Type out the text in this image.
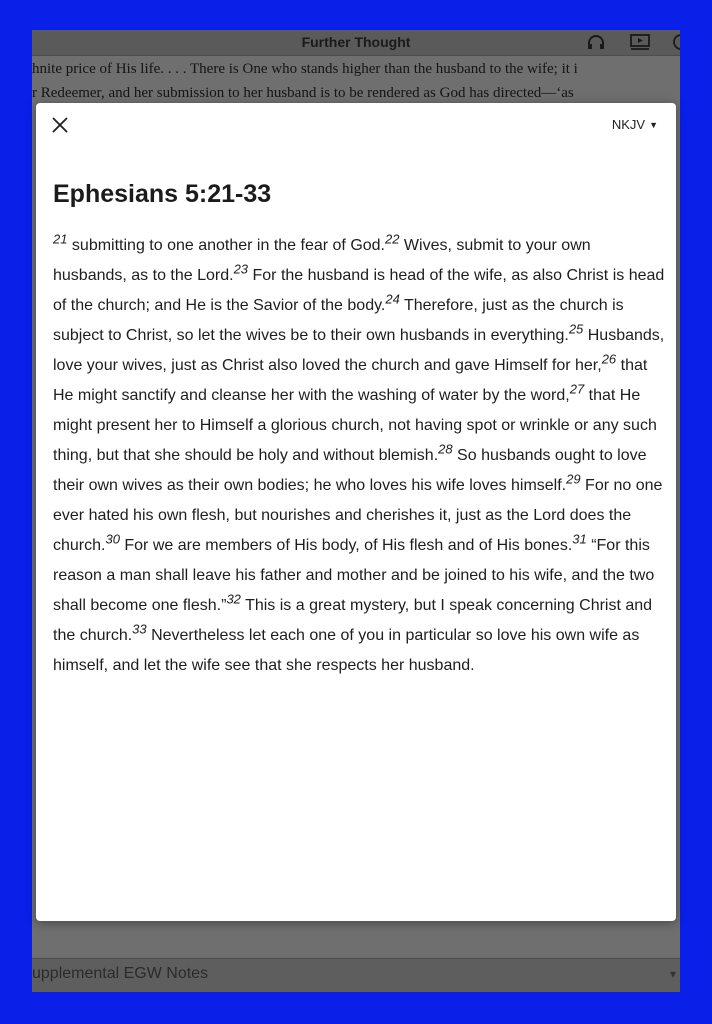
Further Thought
hnite price of His life. . . . There is One who stands higher than the husband to the wife; it i
r Redeemer, and her submission to her husband is to be rendered as God has directed—‘as
upplemental EGW Notes	▾
NKJV ▼
Ephesians 5:21-33
$^{21}$ submitting to one another in the fear of God.$^{22}$ Wives, submit to your own husbands, as to the Lord.$^{23}$ For the husband is head of the wife, as also Christ is head of the church; and He is the Savior of the body.$^{24}$ Therefore, just as the church is subject to Christ, so let the wives be to their own husbands in everything.$^{25}$ Husbands, love your wives, just as Christ also loved the church and gave Himself for her,$^{26}$ that He might sanctify and cleanse her with the washing of water by the word,$^{27}$ that He might present her to Himself a glorious church, not having spot or wrinkle or any such thing, but that she should be holy and without blemish.$^{28}$ So husbands ought to love their own wives as their own bodies; he who loves his wife loves himself.$^{29}$ For no one ever hated his own flesh, but nourishes and cherishes it, just as the Lord does the church.$^{30}$ For we are members of His body, of His flesh and of His bones.$^{31}$ “For this reason a man shall leave his father and mother and be joined to his wife, and the two shall become one flesh.”$^{32}$ This is a great mystery, but I speak concerning Christ and the church.$^{33}$ Nevertheless let each one of you in particular so love his own wife as himself, and let the wife see that she respects her husband.
